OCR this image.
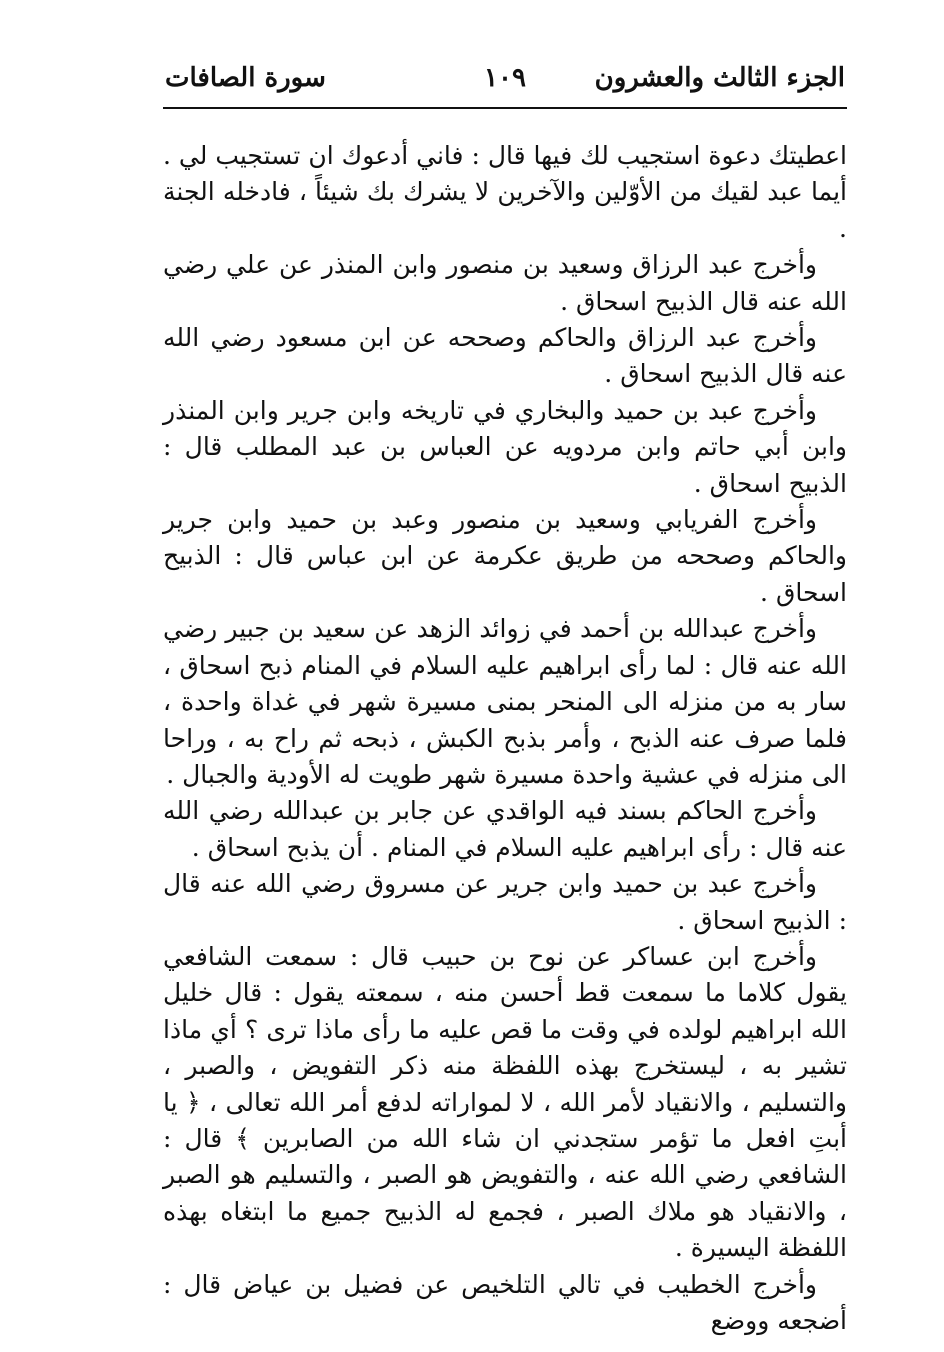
الجزء الثالث والعشرون
١٠٩
سورة الصافات

اعطيتك دعوة استجيب لك فيها قال : فاني أدعوك ان تستجيب لي . أيما عبد لقيك من الأوّلين والآخرين لا يشرك بك شيئاً ، فادخله الجنة .

وأخرج عبد الرزاق وسعيد بن منصور وابن المنذر عن علي رضي الله عنه قال الذبيح اسحاق .

وأخرج عبد الرزاق والحاكم وصححه عن ابن مسعود رضي الله عنه قال الذبيح اسحاق .

وأخرج عبد بن حميد والبخاري في تاريخه وابن جرير وابن المنذر وابن أبي حاتم وابن مردويه عن العباس بن عبد المطلب قال : الذبيح اسحاق .

وأخرج الفريابي وسعيد بن منصور وعبد بن حميد وابن جرير والحاكم وصححه من طريق عكرمة عن ابن عباس قال : الذبيح اسحاق .

وأخرج عبدالله بن أحمد في زوائد الزهد عن سعيد بن جبير رضي الله عنه قال : لما رأى ابراهيم عليه السلام في المنام ذبح اسحاق ، سار به من منزله الى المنحر بمنى مسيرة شهر في غداة واحدة ، فلما صرف عنه الذبح ، وأمر بذبح الكبش ، ذبحه ثم راح به ، وراحا الى منزله في عشية واحدة مسيرة شهر طويت له الأودية والجبال .

وأخرج الحاكم بسند فيه الواقدي عن جابر بن عبدالله رضي الله عنه قال : رأى ابراهيم عليه السلام في المنام . أن يذبح اسحاق .

وأخرج عبد بن حميد وابن جرير عن مسروق رضي الله عنه قال : الذبيح اسحاق .

وأخرج ابن عساكر عن نوح بن حبيب قال : سمعت الشافعي يقول كلاما ما سمعت قط أحسن منه ، سمعته يقول : قال خليل الله ابراهيم لولده في وقت ما قص عليه ما رأى ماذا ترى ؟ أي ماذا تشير به ، ليستخرج بهذه اللفظة منه ذكر التفويض ، والصبر ، والتسليم ، والانقياد لأمر الله ، لا لمواراته لدفع أمر الله تعالى ، ﴿ يا أبتِ افعل ما تؤمر ستجدني ان شاء الله من الصابرين ﴾ قال : الشافعي رضي الله عنه ، والتفويض هو الصبر ، والتسليم هو الصبر ، والانقياد هو ملاك الصبر ، فجمع له الذبيح جميع ما ابتغاه بهذه اللفظة اليسيرة .

وأخرج الخطيب في تالي التلخيص عن فضيل بن عياض قال : أضجعه ووضع
